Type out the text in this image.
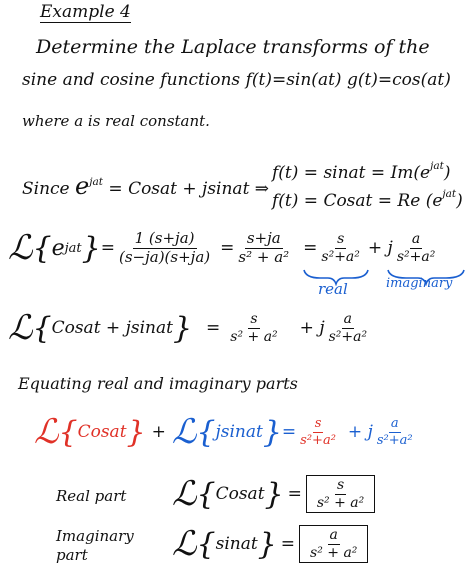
Example 4
Determine the Laplace transforms of the
sine and cosine functions f(t)=sin(at) g(t)=cos(at)
where a is real constant.
Since $e^{jat}$ = Cosat + jsinat ⇒
f(t) = sinat = $Im(e^{jat})$
f(t) = Cosat = Re $(e^{jat})$
ℒ { e jat } = $\frac{1 (s+ja)}{(s-ja)(s+ja)} = \frac{s+ja}{\text{s² + a²}} = \frac{s}{\text{s²+a²}} + j \frac{a}{\text{s²+a²}}$
real	imaginary
ℒ { Cosat + jsinat } = $\frac{s}{\text{s² + a²}} + j \frac{a}{\text{s²+a²}}$
Equating real and imaginary parts
ℒ { Cosat } + ℒ { jsinat } = $\frac{s}{\text{s²+a²}} + j \frac{a}{\text{s²+a²}}$
Real part ℒ { Cosat } = $\frac{s}{\text{s² + a²}}$
Imaginary
part ℒ { sinat } = $\frac{a}{\text{s² + a²}}$
